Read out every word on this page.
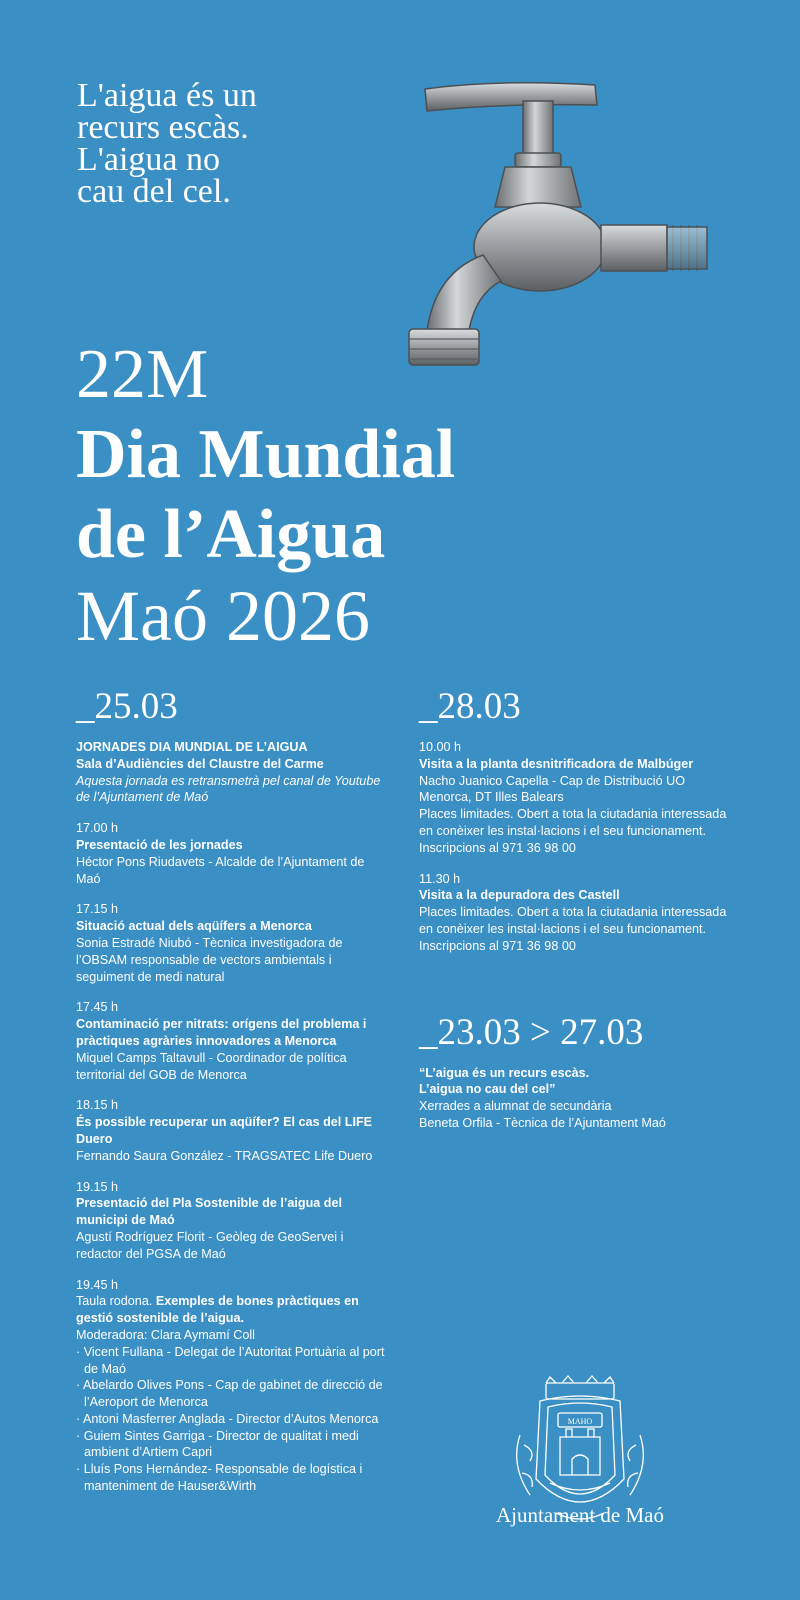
L'aigua és un
recurs escàs.
L'aigua no
cau del cel.
22M
Dia Mundial
de l’Aigua
Maó 2026
_25.03
JORNADES DIA MUNDIAL DE L’AIGUA
Sala d’Audiències del Claustre del Carme
Aquesta jornada es retransmetrà pel canal de Youtube de l’Ajuntament de Maó
17.00 h
Presentació de les jornades
Héctor Pons Riudavets - Alcalde de l’Ajuntament de Maó
17.15 h
Situació actual dels aqüífers a Menorca
Sonia Estradé Niubó - Tècnica investigadora de l’OBSAM responsable de vectors ambientals i seguiment de medi natural
17.45 h
Contaminació per nitrats: orígens del problema i pràctiques agràries innovadores a Menorca
Miquel Camps Taltavull - Coordinador de política territorial del GOB de Menorca
18.15 h
És possible recuperar un aqüífer? El cas del LIFE Duero
Fernando Saura González - TRAGSATEC Life Duero
19.15 h
Presentació del Pla Sostenible de l’aigua del municipi de Maó
Agustí Rodríguez Florit - Geòleg de GeoServei i redactor del PGSA de Maó
19.45 h
Taula rodona. Exemples de bones pràctiques en gestió sostenible de l’aigua.
Moderadora: Clara Aymamí Coll
· Vicent Fullana - Delegat de l’Autoritat Portuària al port de Maó
· Abelardo Olives Pons - Cap de gabinet de direcció de l’Aeroport de Menorca
· Antoni Masferrer Anglada - Director d’Autos Menorca
· Guiem Sintes Garriga - Director de qualitat i medi ambient d’Artiem Capri
· Lluís Pons Hernández- Responsable de logística i manteniment de Hauser&Wirth
_28.03
10.00 h
Visita a la planta desnitrificadora de Malbúger
Nacho Juanico Capella - Cap de Distribució UO Menorca, DT Illes Balears
Places limitades. Obert a tota la ciutadania interessada en conèixer les instal·lacions i el seu funcionament. Inscripcions al 971 36 98 00
11.30 h
Visita a la depuradora des Castell
Places limitades. Obert a tota la ciutadania interessada en conèixer les instal·lacions i el seu funcionament. Inscripcions al 971 36 98 00
_23.03 > 27.03
“L’aigua és un recurs escàs.
L’aigua no cau del cel”
Xerrades a alumnat de secundària
Beneta Orfila - Tècnica de l’Ajuntament Maó
MAHO
Ajuntament de Maó
